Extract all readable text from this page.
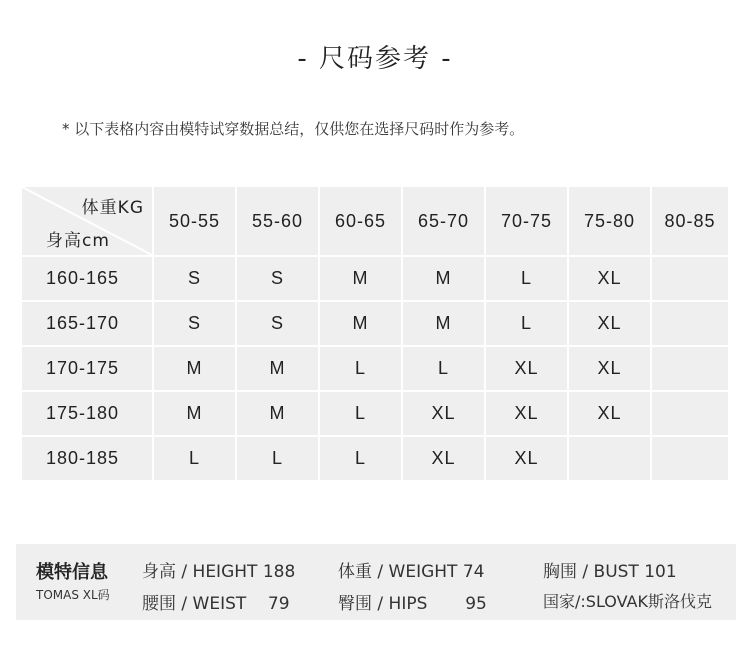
- 尺码参考 -
* 以下表格内容由模特试穿数据总结，仅供您在选择尺码时作为参考。
体重KG
身高cm	50-55	55-60	60-65	65-70	70-75	75-80	80-85
160-165	S	S	M	M	L	XL	
165-170	S	S	M	M	L	XL	
170-175	M	M	L	L	XL	XL	
175-180	M	M	L	XL	XL	XL	
180-185	L	L	L	XL	XL		
模特信息
TOMAS XL码
身高 / HEIGHT 188	体重 / WEIGHT 74	胸围 / BUST 101
腰围 / WEIST    79	臀围 / HIPS       95	国家/:SLOVAK斯洛伐克
